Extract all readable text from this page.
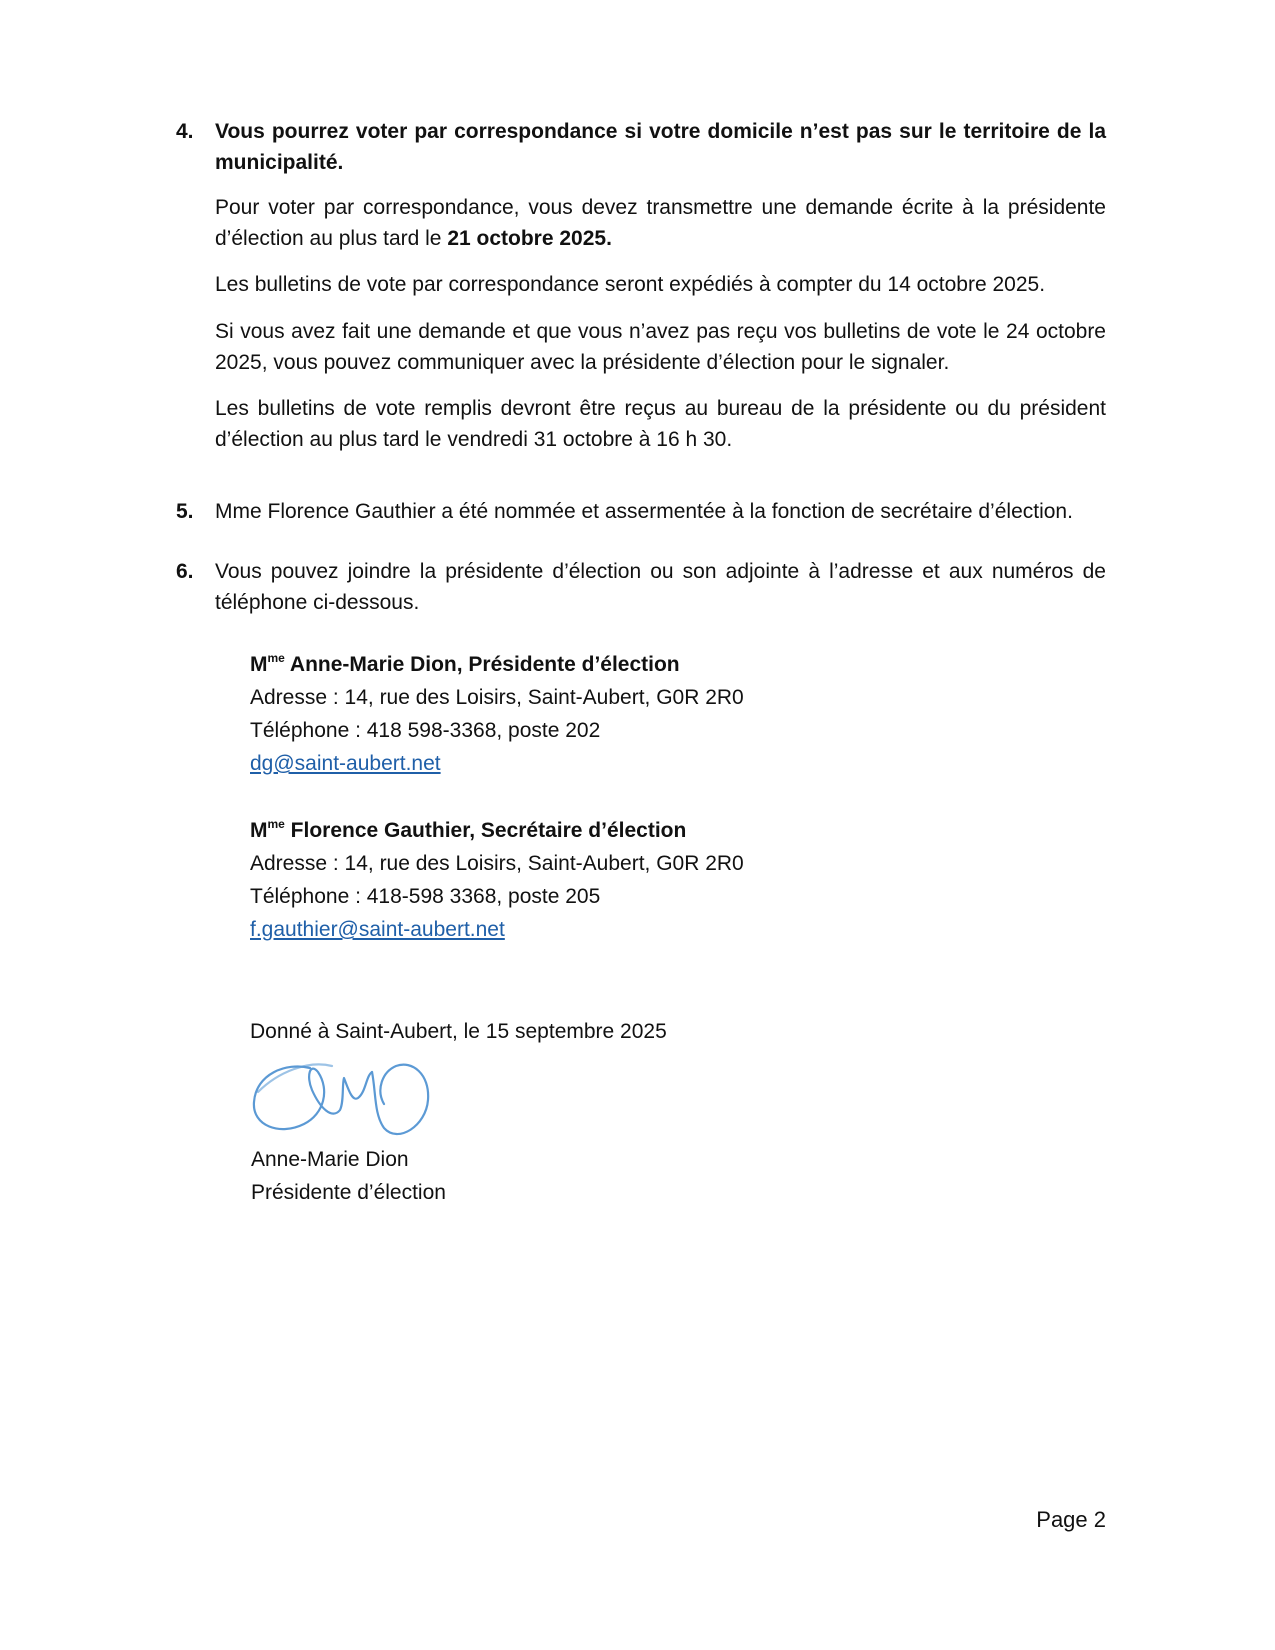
4.	Vous pourrez voter par correspondance si votre domicile n’est pas sur le territoire de la municipalité.
Pour voter par correspondance, vous devez transmettre une demande écrite à la présidente d’élection au plus tard le 21 octobre 2025.
Les bulletins de vote par correspondance seront expédiés à compter du 14 octobre 2025.
Si vous avez fait une demande et que vous n’avez pas reçu vos bulletins de vote le 24 octobre 2025, vous pouvez communiquer avec la présidente d’élection pour le signaler.
Les bulletins de vote remplis devront être reçus au bureau de la présidente ou du président d’élection au plus tard le vendredi 31 octobre à 16 h 30.
5.	Mme Florence Gauthier a été nommée et assermentée à la fonction de secrétaire d’élection.
6.	Vous pouvez joindre la présidente d’élection ou son adjointe à l’adresse et aux numéros de téléphone ci-dessous.
$M^{me}$ Anne-Marie Dion, Présidente d’élection
Adresse : 14, rue des Loisirs, Saint-Aubert, G0R 2R0
Téléphone : 418 598-3368, poste 202
dg@saint-aubert.net
$M^{me}$ Florence Gauthier, Secrétaire d’élection
Adresse : 14, rue des Loisirs, Saint-Aubert, G0R 2R0
Téléphone : 418-598 3368, poste 205
f.gauthier@saint-aubert.net
Donné à Saint-Aubert, le 15 septembre 2025
Anne-Marie Dion
Présidente d’élection
Page 2
